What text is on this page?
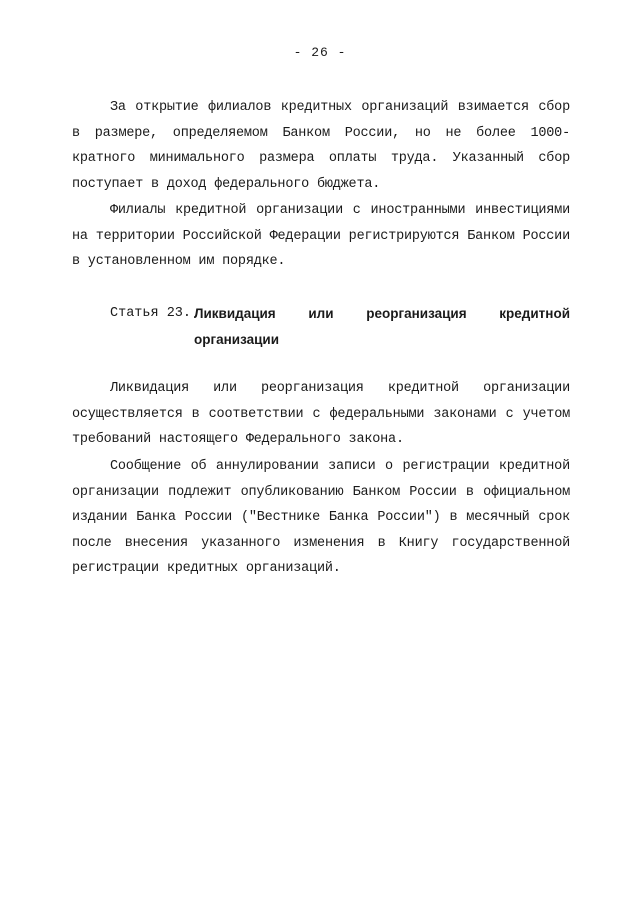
- 26 -

За открытие филиалов кредитных организаций взимается сбор в размере, определяемом Банком России, но не более 1000-кратного минимального размера оплаты труда. Указанный сбор поступает в доход федерального бюджета.

Филиалы кредитной организации с иностранными инвестициями на территории Российской Федерации регистрируются Банком России в установленном им порядке.

Статья 23. Ликвидация или реорганизация кредитной
организации

Ликвидация или реорганизация кредитной организации осуществляется в соответствии с федеральными законами с учетом требований настоящего Федерального закона.

Сообщение об аннулировании записи о регистрации кредитной организации подлежит опубликованию Банком России в официальном издании Банка России ("Вестнике Банка России") в месячный срок после внесения указанного изменения в Книгу государственной регистрации кредитных организаций.
